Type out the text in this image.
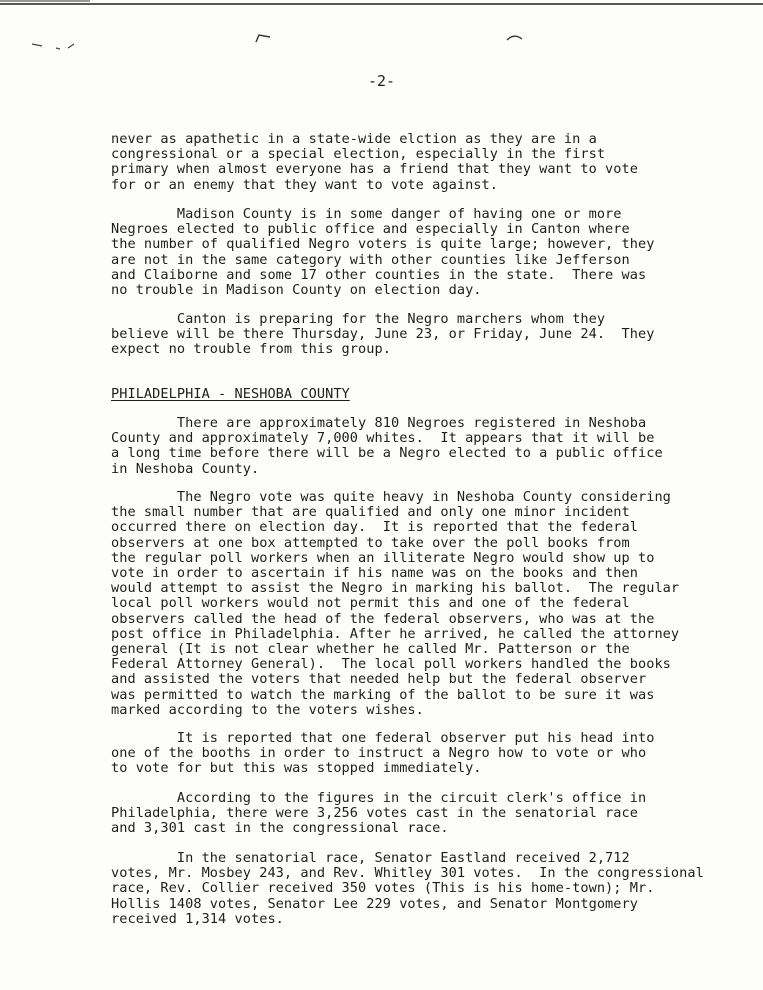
-2-

never as apathetic in a state-wide elction as they are in a
congressional or a special election, especially in the first
primary when almost everyone has a friend that they want to vote
for or an enemy that they want to vote against.

Madison County is in some danger of having one or more
Negroes elected to public office and especially in Canton where
the number of qualified Negro voters is quite large; however, they
are not in the same category with other counties like Jefferson
and Claiborne and some 17 other counties in the state.  There was
no trouble in Madison County on election day.

Canton is preparing for the Negro marchers whom they
believe will be there Thursday, June 23, or Friday, June 24.  They
expect no trouble from this group.

PHILADELPHIA - NESHOBA COUNTY

There are approximately 810 Negroes registered in Neshoba
County and approximately 7,000 whites.  It appears that it will be
a long time before there will be a Negro elected to a public office
in Neshoba County.

The Negro vote was quite heavy in Neshoba County considering
the small number that are qualified and only one minor incident
occurred there on election day.  It is reported that the federal
observers at one box attempted to take over the poll books from
the regular poll workers when an illiterate Negro would show up to
vote in order to ascertain if his name was on the books and then
would attempt to assist the Negro in marking his ballot.  The regular
local poll workers would not permit this and one of the federal
observers called the head of the federal observers, who was at the
post office in Philadelphia. After he arrived, he called the attorney
general (It is not clear whether he called Mr. Patterson or the
Federal Attorney General).  The local poll workers handled the books
and assisted the voters that needed help but the federal observer
was permitted to watch the marking of the ballot to be sure it was
marked according to the voters wishes.

It is reported that one federal observer put his head into
one of the booths in order to instruct a Negro how to vote or who
to vote for but this was stopped immediately.

According to the figures in the circuit clerk's office in
Philadelphia, there were 3,256 votes cast in the senatorial race
and 3,301 cast in the congressional race.

In the senatorial race, Senator Eastland received 2,712
votes, Mr. Mosbey 243, and Rev. Whitley 301 votes.  In the congressional
race, Rev. Collier received 350 votes (This is his home-town); Mr.
Hollis 1408 votes, Senator Lee 229 votes, and Senator Montgomery
received 1,314 votes.
